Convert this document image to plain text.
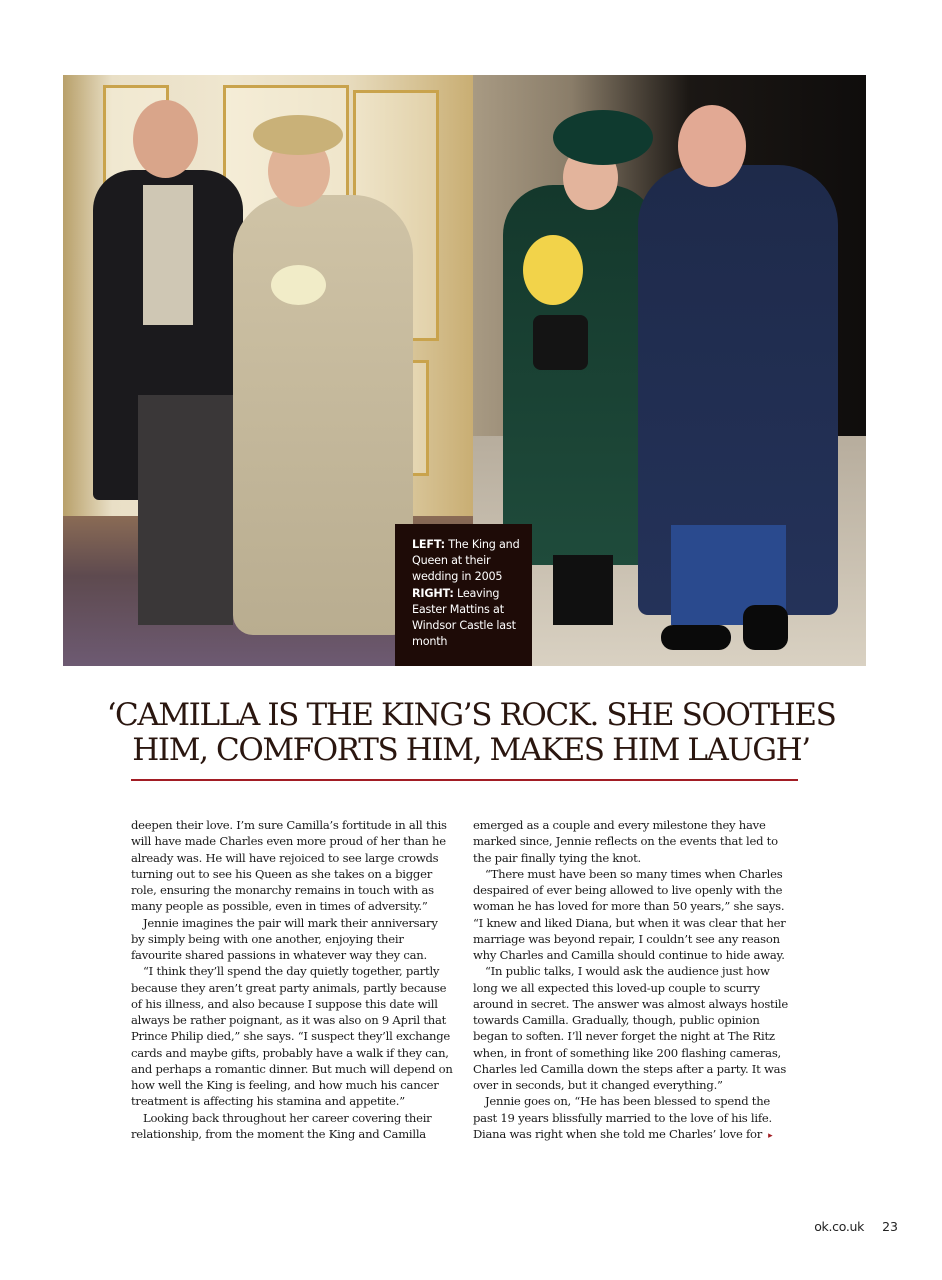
LEFT: The King and Queen at their wedding in 2005 RIGHT: Leaving Easter Mattins at Windsor Castle last month

‘CAMILLA IS THE KING’S ROCK. SHE SOOTHES HIM, COMFORTS HIM, MAKES HIM LAUGH’

deepen their love. I’m sure Camilla’s fortitude in all this will have made Charles even more proud of her than he already was. He will have rejoiced to see large crowds turning out to see his Queen as she takes on a bigger role, ensuring the monarchy remains in touch with as many people as possible, even in times of adversity.”

Jennie imagines the pair will mark their anniversary by simply being with one another, enjoying their favourite shared passions in whatever way they can.

“I think they’ll spend the day quietly together, partly because they aren’t great party animals, partly because of his illness, and also because I suppose this date will always be rather poignant, as it was also on 9 April that Prince Philip died,” she says. “I suspect they’ll exchange cards and maybe gifts, probably have a walk if they can, and perhaps a romantic dinner. But much will depend on how well the King is feeling, and how much his cancer treatment is affecting his stamina and appetite.”

Looking back throughout her career covering their relationship, from the moment the King and Camilla

emerged as a couple and every milestone they have marked since, Jennie reflects on the events that led to the pair finally tying the knot.

“There must have been so many times when Charles despaired of ever being allowed to live openly with the woman he has loved for more than 50 years,” she says. “I knew and liked Diana, but when it was clear that her marriage was beyond repair, I couldn’t see any reason why Charles and Camilla should continue to hide away.

“In public talks, I would ask the audience just how long we all expected this loved-up couple to scurry around in secret. The answer was almost always hostile towards Camilla. Gradually, though, public opinion began to soften. I’ll never forget the night at The Ritz when, in front of something like 200 flashing cameras, Charles led Camilla down the steps after a party. It was over in seconds, but it changed everything.”

Jennie goes on, “He has been blessed to spend the past 19 years blissfully married to the love of his life. Diana was right when she told me Charles’ love for ▸

ok.co.uk 23
